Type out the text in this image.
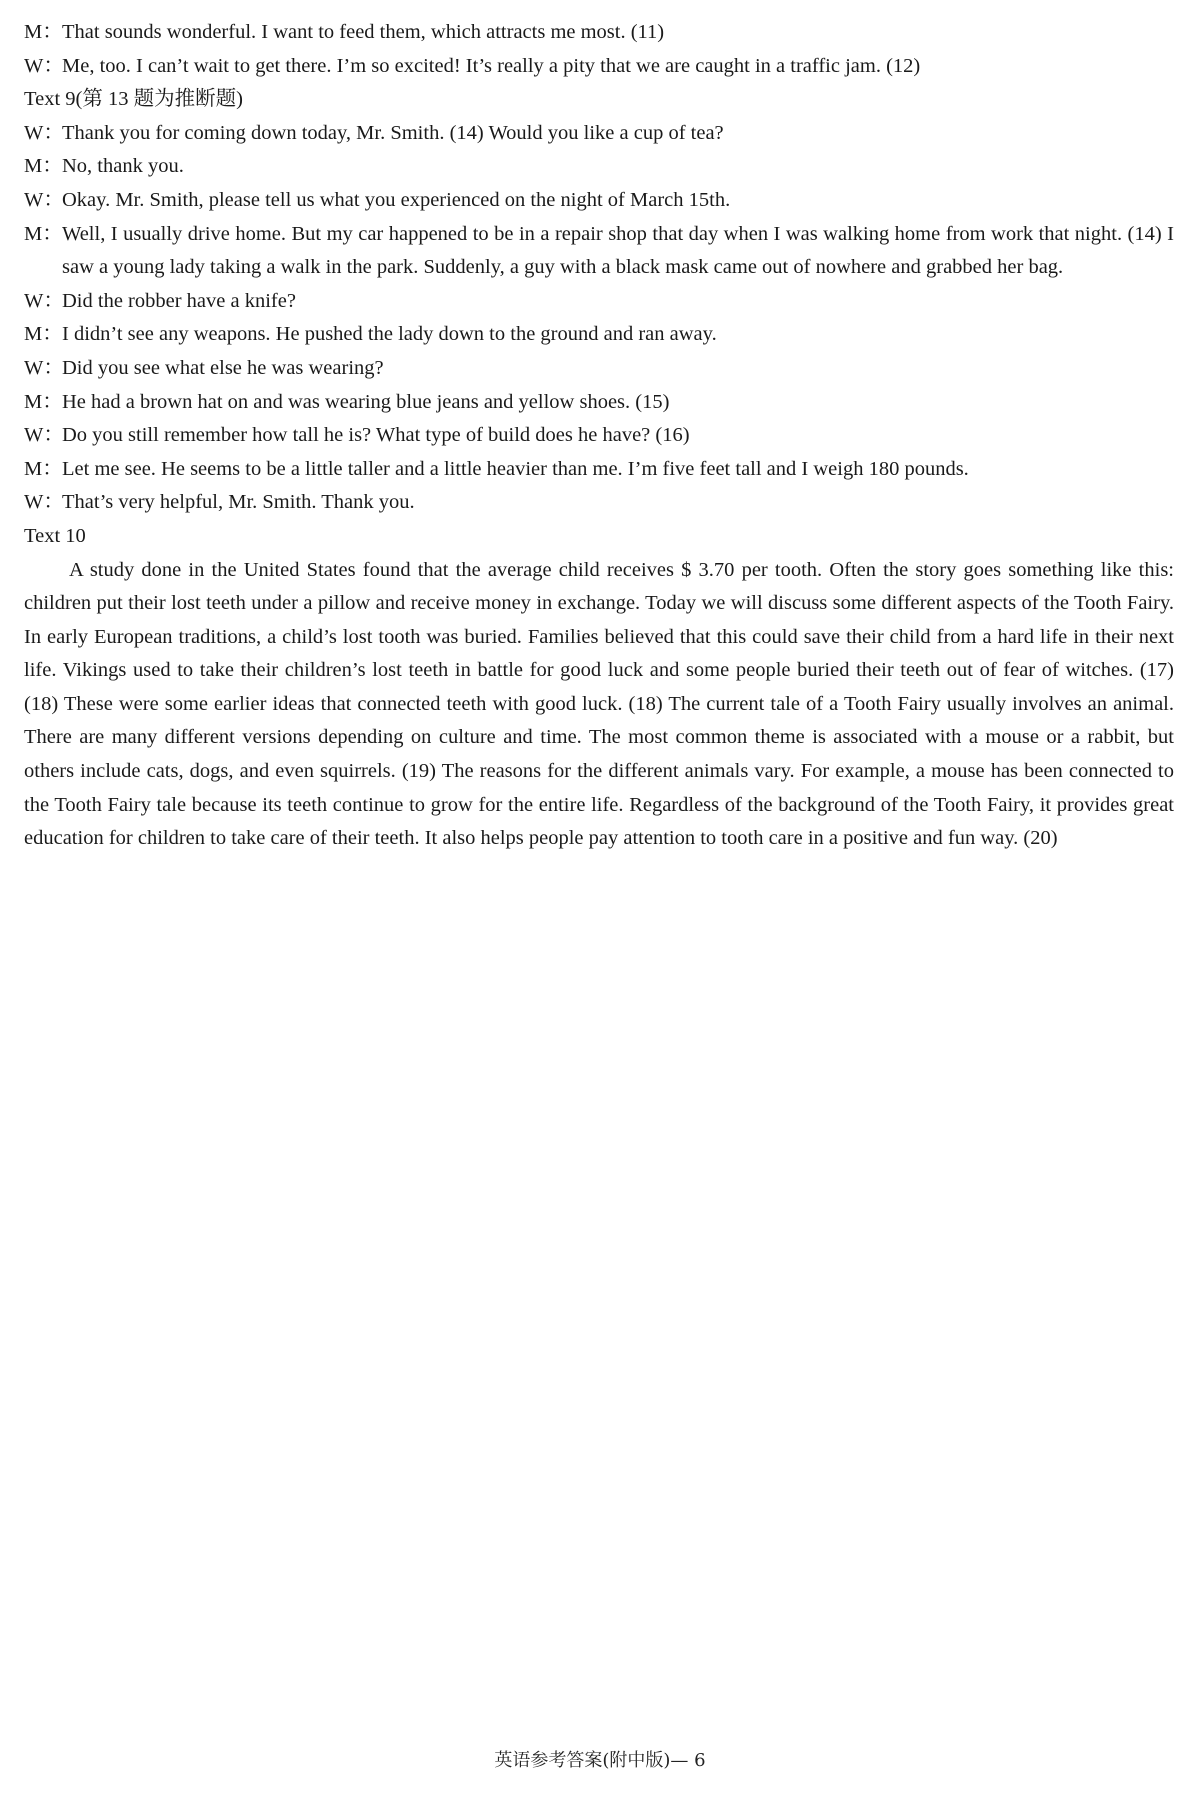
M：That sounds wonderful. I want to feed them, which attracts me most. (11)
W：Me, too. I can’t wait to get there. I’m so excited! It’s really a pity that we are caught in a traffic jam. (12)
Text 9(第 13 题为推断题)
W：Thank you for coming down today, Mr. Smith. (14) Would you like a cup of tea?
M：No, thank you.
W：Okay. Mr. Smith, please tell us what you experienced on the night of March 15th.
M：Well, I usually drive home. But my car happened to be in a repair shop that day when I was walking home from work that night. (14) I saw a young lady taking a walk in the park. Suddenly, a guy with a black mask came out of nowhere and grabbed her bag.
W：Did the robber have a knife?
M：I didn’t see any weapons. He pushed the lady down to the ground and ran away.
W：Did you see what else he was wearing?
M：He had a brown hat on and was wearing blue jeans and yellow shoes. (15)
W：Do you still remember how tall he is? What type of build does he have? (16)
M：Let me see. He seems to be a little taller and a little heavier than me. I’m five feet tall and I weigh 180 pounds.
W：That’s very helpful, Mr. Smith. Thank you.
Text 10
A study done in the United States found that the average child receives $ 3.70 per tooth. Often the story goes something like this: children put their lost teeth under a pillow and receive money in exchange. Today we will discuss some different aspects of the Tooth Fairy. In early European traditions, a child’s lost tooth was buried. Families believed that this could save their child from a hard life in their next life. Vikings used to take their children’s lost teeth in battle for good luck and some people buried their teeth out of fear of witches. (17) (18) These were some earlier ideas that connected teeth with good luck. (18) The current tale of a Tooth Fairy usually involves an animal. There are many different versions depending on culture and time. The most common theme is associated with a mouse or a rabbit, but others include cats, dogs, and even squirrels. (19) The reasons for the different animals vary. For example, a mouse has been connected to the Tooth Fairy tale because its teeth continue to grow for the entire life. Regardless of the background of the Tooth Fairy, it provides great education for children to take care of their teeth. It also helps people pay attention to tooth care in a positive and fun way. (20)
英语参考答案(附中版)— 6
